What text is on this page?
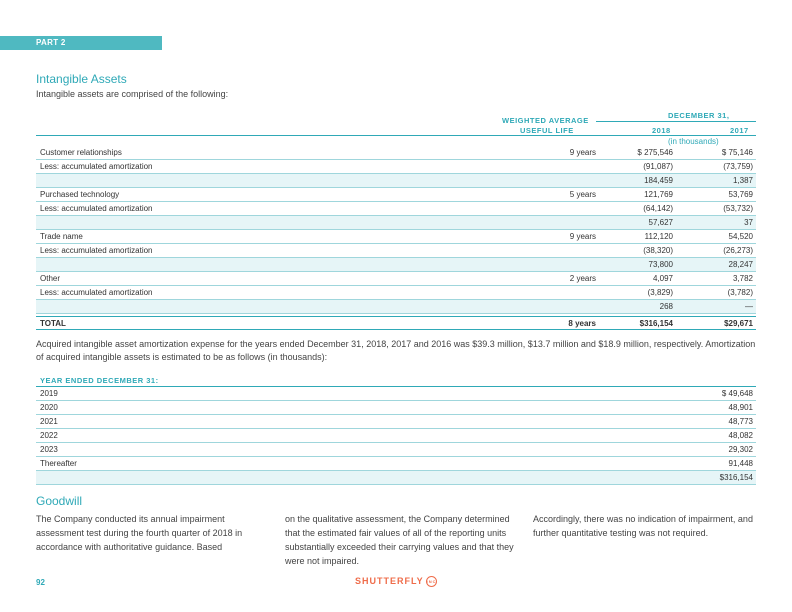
PART 2
Intangible Assets

Intangible assets are comprised of the following:

WEIGHTED AVERAGE
USEFUL LIFE
DECEMBER 31,
2018	2017
(in thousands)
Customer relationships	9 years	$ 275,546	$ 75,146
Less: accumulated amortization	(91,087)	(73,759)
184,459	1,387
Purchased technology	5 years	121,769	53,769
Less: accumulated amortization	(64,142)	(53,732)
57,627	37
Trade name	9 years	112,120	54,520
Less: accumulated amortization	(38,320)	(26,273)
73,800	28,247
Other	2 years	4,097	3,782
Less: accumulated amortization	(3,829)	(3,782)
268	—
TOTAL	8 years	$316,154	$29,671

Acquired intangible asset amortization expense for the years ended December 31, 2018, 2017 and 2016 was $39.3 million, $13.7 million and $18.9 million, respectively. Amortization of acquired intangible assets is estimated to be as follows (in thousands):

YEAR ENDED DECEMBER 31:
2019	$ 49,648
2020	48,901
2021	48,773
2022	48,082
2023	29,302
Thereafter	91,448
$316,154
Goodwill

The Company conducted its annual impairment assessment test during the fourth quarter of 2018 in accordance with authoritative guidance. Based

on the qualitative assessment, the Company determined that the estimated fair values of all of the reporting units substantially exceeded their carrying values and that they were not impaired.

Accordingly, there was no indication of impairment, and further quantitative testing was not required.

92	SHUTTERFLY INC
